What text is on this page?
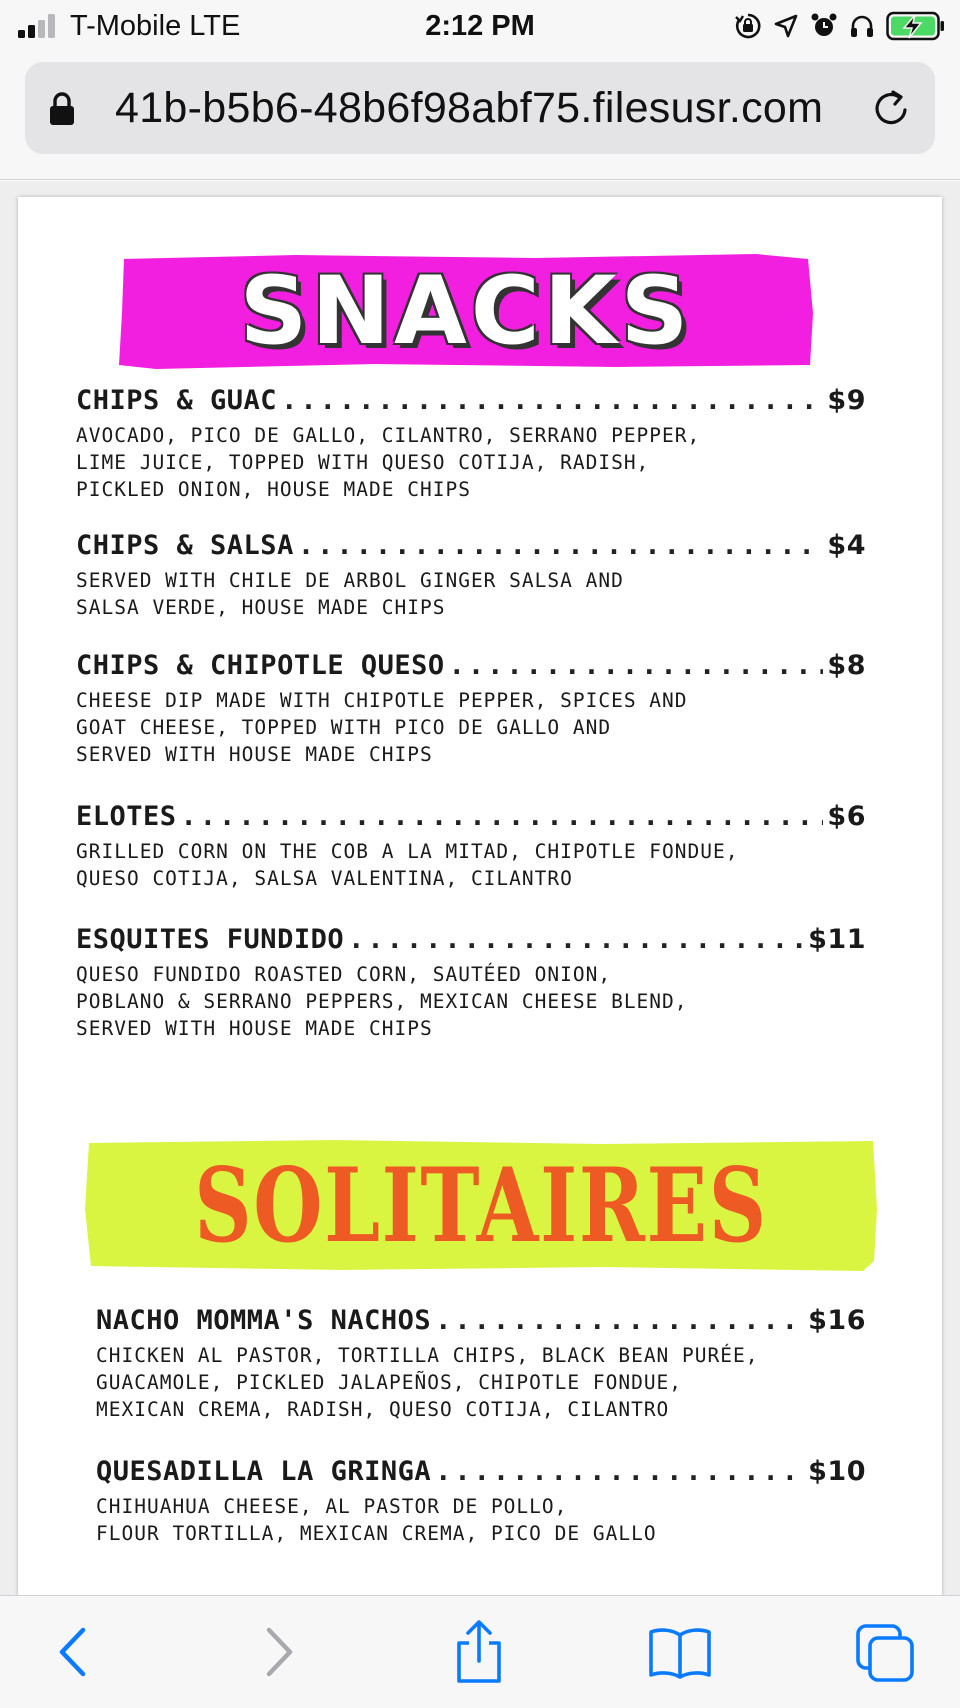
T-Mobile LTE	2:12 PM
41b-b5b6-48b6f98abf75.filesusr.com
SNACKS
CHIPS & GUAC .....	$9
AVOCADO, PICO DE GALLO, CILANTRO, SERRANO PEPPER,
LIME JUICE, TOPPED WITH QUESO COTIJA, RADISH,
PICKLED ONION, HOUSE MADE CHIPS
CHIPS & SALSA .....	$4
SERVED WITH CHILE DE ARBOL GINGER SALSA AND
SALSA VERDE, HOUSE MADE CHIPS
CHIPS & CHIPOTLE QUESO .....	$8
CHEESE DIP MADE WITH CHIPOTLE PEPPER, SPICES AND
GOAT CHEESE, TOPPED WITH PICO DE GALLO AND
SERVED WITH HOUSE MADE CHIPS
ELOTES .....	$6
GRILLED CORN ON THE COB A LA MITAD, CHIPOTLE FONDUE,
QUESO COTIJA, SALSA VALENTINA, CILANTRO
ESQUITES FUNDIDO .....	$11
QUESO FUNDIDO ROASTED CORN, SAUTÉED ONION,
POBLANO & SERRANO PEPPERS, MEXICAN CHEESE BLEND,
SERVED WITH HOUSE MADE CHIPS
SOLITAIRES
NACHO MOMMA'S NACHOS .....	$16
CHICKEN AL PASTOR, TORTILLA CHIPS, BLACK BEAN PURÉE,
GUACAMOLE, PICKLED JALAPEÑOS, CHIPOTLE FONDUE,
MEXICAN CREMA, RADISH, QUESO COTIJA, CILANTRO
QUESADILLA LA GRINGA .....	$10
CHIHUAHUA CHEESE, AL PASTOR DE POLLO,
FLOUR TORTILLA, MEXICAN CREMA, PICO DE GALLO
